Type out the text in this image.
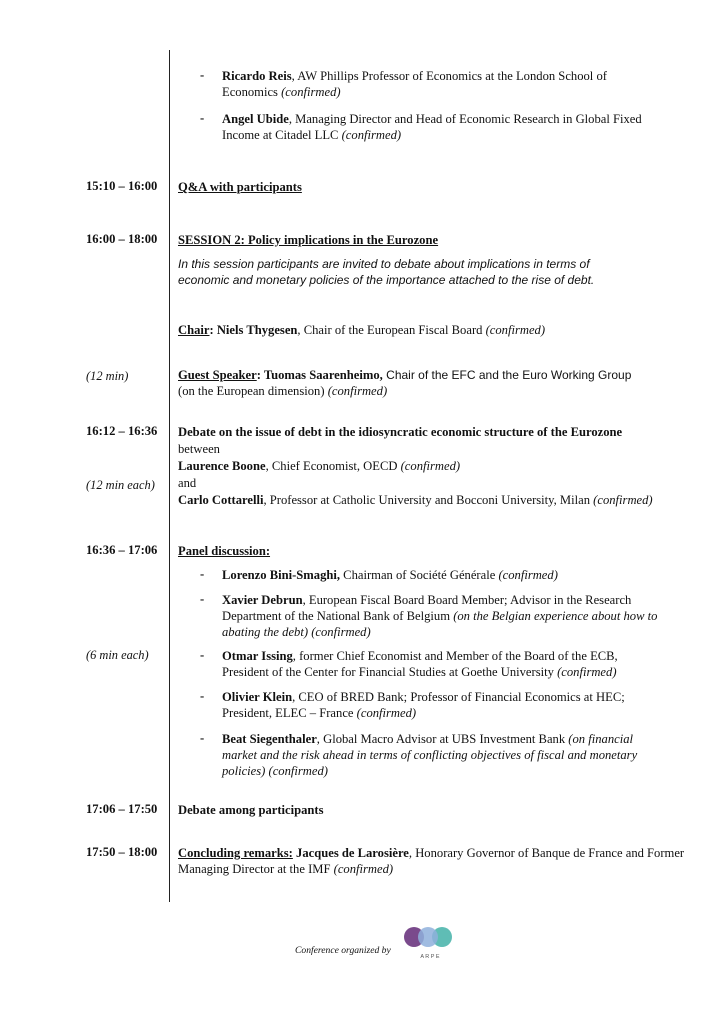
- Ricardo Reis, AW Phillips Professor of Economics at the London School of Economics (confirmed)
- Angel Ubide, Managing Director and Head of Economic Research in Global Fixed Income at Citadel LLC (confirmed)
15:10 – 16:00 Q&A with participants
16:00 – 18:00 SESSION 2: Policy implications in the Eurozone
In this session participants are invited to debate about implications in terms of economic and monetary policies of the importance attached to the rise of debt.
Chair: Niels Thygesen, Chair of the European Fiscal Board (confirmed)
(12 min)	Guest Speaker: Tuomas Saarenheimo, Chair of the EFC and the Euro Working Group
(on the European dimension) (confirmed)
16:12 – 16:36 Debate on the issue of debt in the idiosyncratic economic structure of the Eurozone
between
Laurence Boone, Chief Economist, OECD (confirmed)
and
Carlo Cottarelli, Professor at Catholic University and Bocconi University, Milan (confirmed)
(12 min each)
16:36 – 17:06 Panel discussion:
- Lorenzo Bini-Smaghi, Chairman of Société Générale (confirmed)
- Xavier Debrun, European Fiscal Board Board Member; Advisor in the Research Department of the National Bank of Belgium (on the Belgian experience about how to abating the debt) (confirmed)
(6 min each)	- Otmar Issing, former Chief Economist and Member of the Board of the ECB, President of the Center for Financial Studies at Goethe University (confirmed)
- Olivier Klein, CEO of BRED Bank; Professor of Financial Economics at HEC; President, ELEC – France (confirmed)
- Beat Siegenthaler, Global Macro Advisor at UBS Investment Bank (on financial market and the risk ahead in terms of conflicting objectives of fiscal and monetary policies) (confirmed)
17:06 – 17:50 Debate among participants
17:50 – 18:00 Concluding remarks: Jacques de Larosière, Honorary Governor of Banque de France and Former Managing Director at the IMF (confirmed)
Conference organized by
A R P E
